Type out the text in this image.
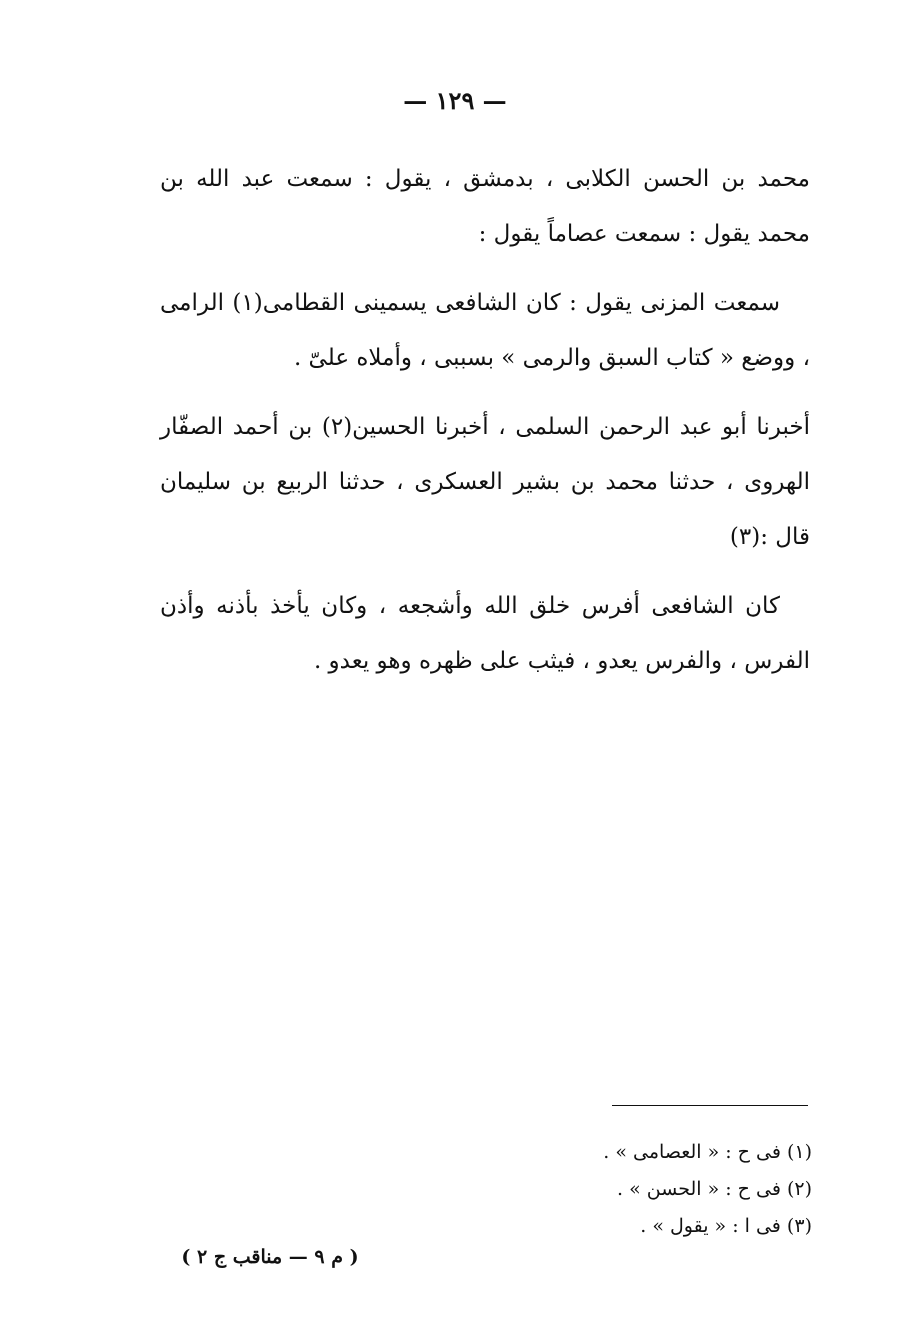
— ١٢٩ —

محمد بن الحسن الكلابى ، بدمشق ، يقول : سمعت عبد الله بن محمد يقول : سمعت عصاماً يقول :

سمعت المزنى يقول : كان الشافعى يسمينى القطامى(١) الرامى ، ووضع « كتاب السبق والرمى » بسببى ، وأملاه علىّ .

أخبرنا أبو عبد الرحمن السلمى ، أخبرنا الحسين(٢) بن أحمد الصفّار الهروى ، حدثنا محمد بن بشير العسكرى ، حدثنا الربيع بن سليمان قال :(٣)

كان الشافعى أفرس خلق الله وأشجعه ، وكان يأخذ بأذنه وأذن الفرس ، والفرس يعدو ، فيثب على ظهره وهو يعدو .

(١) فى ح : « العصامى » .
(٢) فى ح : « الحسن » .
(٣) فى ا : « يقول » .
( م ٩ — مناقب ج ٢ )
